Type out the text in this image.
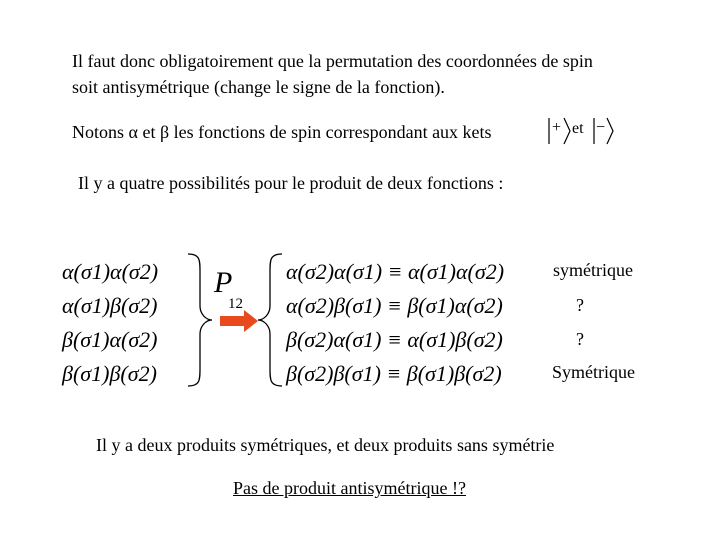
Il faut donc obligatoirement que la permutation des coordonnées de spin
soit antisymétrique (change le signe de la fonction).
Notons α et β les fonctions de spin correspondant aux kets	+ et −
Il y a quatre possibilités pour le produit de deux fonctions :
α(σ1)α(σ2)
α(σ1)β(σ2)
β(σ1)α(σ2)
β(σ1)β(σ2)
P
12
α(σ2)α(σ1) ≡ α(σ1)α(σ2)
α(σ2)β(σ1) ≡ β(σ1)α(σ2)
β(σ2)α(σ1) ≡ α(σ1)β(σ2)
β(σ2)β(σ1) ≡ β(σ1)β(σ2)
symétrique
?
?
Symétrique
Il y a deux produits symétriques, et deux produits sans symétrie
Pas de produit antisymétrique !?
